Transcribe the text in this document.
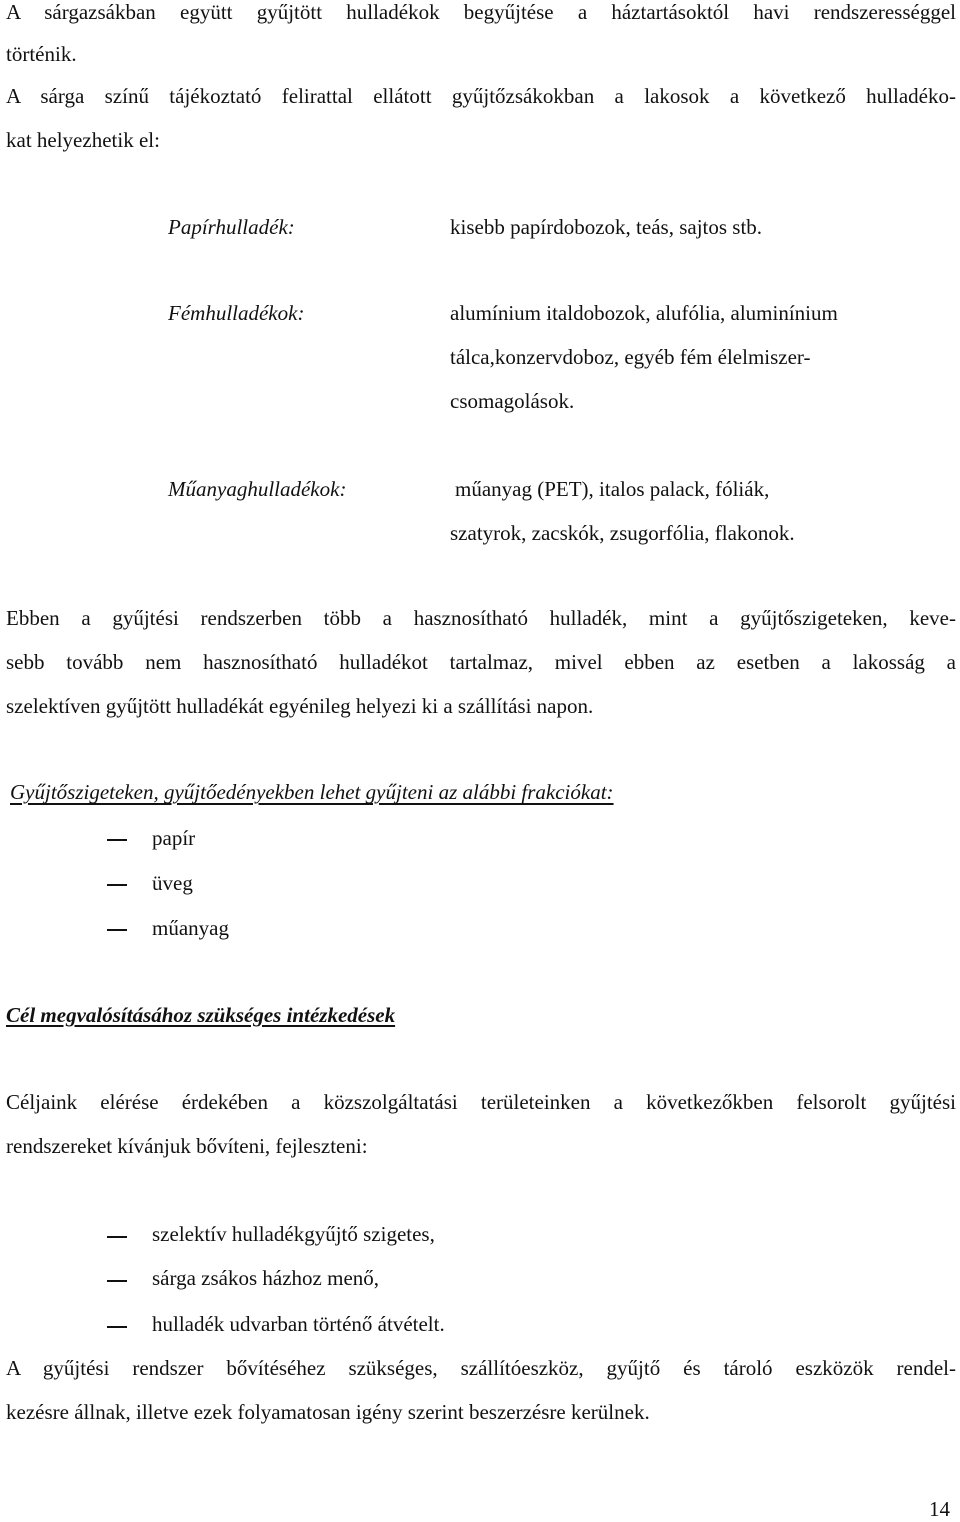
A sárgazsákban együtt gyűjtött hulladékok begyűjtése a háztartásoktól havi rendszerességgel
történik.
A sárga színű tájékoztató felirattal ellátott gyűjtőzsákokban a lakosok a következő hulladéko-
kat helyezhetik el:
Papírhulladék:	kisebb papírdobozok, teás, sajtos stb.
Fémhulladékok:	alumínium italdobozok, alufólia, aluminínium
tálca,konzervdoboz, egyéb fém élelmiszer-
csomagolások.
Műanyaghulladékok:	műanyag (PET), italos palack, fóliák,
szatyrok, zacskók, zsugorfólia, flakonok.
Ebben a gyűjtési rendszerben több a hasznosítható hulladék, mint a gyűjtőszigeteken, keve-
sebb tovább nem hasznosítható hulladékot tartalmaz, mivel ebben az esetben a lakosság a
szelektíven gyűjtött hulladékát egyénileg helyezi ki a szállítási napon.
Gyűjtőszigeteken, gyűjtőedényekben lehet gyűjteni az alábbi frakciókat:
papír
üveg
műanyag
Cél megvalósításához szükséges intézkedések
Céljaink elérése érdekében a közszolgáltatási területeinken a következőkben felsorolt gyűjtési
rendszereket kívánjuk bővíteni, fejleszteni:
szelektív hulladékgyűjtő szigetes,
sárga zsákos házhoz menő,
hulladék udvarban történő átvételt.
A gyűjtési rendszer bővítéséhez szükséges, szállítóeszköz, gyűjtő és tároló eszközök rendel-
kezésre állnak, illetve ezek folyamatosan igény szerint beszerzésre kerülnek.
14
